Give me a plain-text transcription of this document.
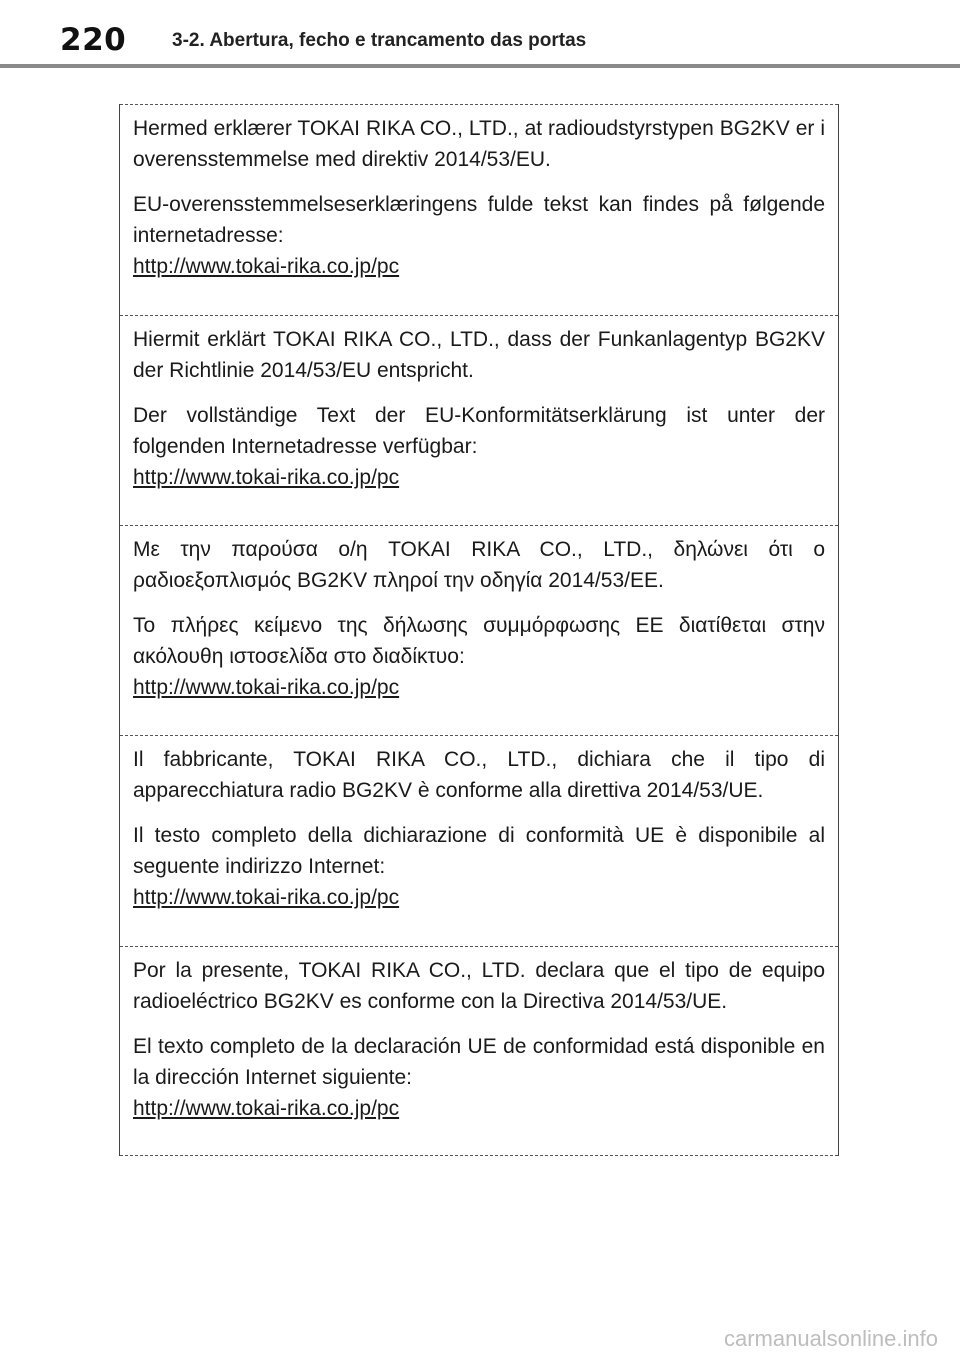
220 3-2. Abertura, fecho e trancamento das portas

Hermed erklærer TOKAI RIKA CO., LTD., at radioudstyrstypen BG2KV er i overensstemmelse med direktiv 2014/53/EU.

EU-overensstemmelseserklæringens fulde tekst kan findes på følgende internetadresse:

http://www.tokai-rika.co.jp/pc

Hiermit erklärt TOKAI RIKA CO., LTD., dass der Funkanlagentyp BG2KV der Richtlinie 2014/53/EU entspricht.

Der vollständige Text der EU-Konformitätserklärung ist unter der folgenden Internetadresse verfügbar:

http://www.tokai-rika.co.jp/pc

Με την παρούσα ο/η TOKAI RIKA CO., LTD., δηλώνει ότι ο ραδιοεξοπλισμός BG2KV πληροί την οδηγία 2014/53/EE.

Το πλήρες κείμενο της δήλωσης συμμόρφωσης ΕΕ διατίθεται στην ακόλουθη ιστοσελίδα στο διαδίκτυο:

http://www.tokai-rika.co.jp/pc

Il fabbricante, TOKAI RIKA CO., LTD., dichiara che il tipo di apparecchiatura radio BG2KV è conforme alla direttiva 2014/53/UE.

Il testo completo della dichiarazione di conformità UE è disponibile al seguente indirizzo Internet:

http://www.tokai-rika.co.jp/pc

Por la presente, TOKAI RIKA CO., LTD. declara que el tipo de equipo radioeléctrico BG2KV es conforme con la Directiva 2014/53/UE.

El texto completo de la declaración UE de conformidad está disponible en la dirección Internet siguiente:

http://www.tokai-rika.co.jp/pc
carmanualsonline.info
